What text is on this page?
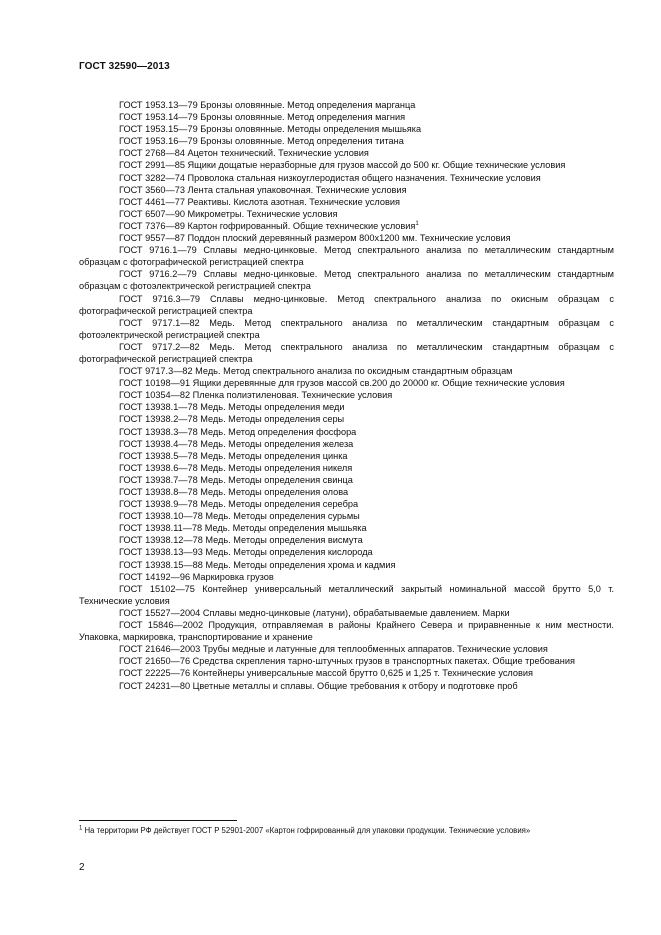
ГОСТ 32590—2013

ГОСТ 1953.13—79 Бронзы оловянные. Метод определения марганца

ГОСТ 1953.14—79 Бронзы оловянные. Метод определения магния

ГОСТ 1953.15—79 Бронзы оловянные. Методы определения мышьяка

ГОСТ 1953.16—79 Бронзы оловянные. Метод определения титана

ГОСТ 2768—84 Ацетон технический. Технические условия

ГОСТ 2991—85 Ящики дощатые неразборные для грузов массой до 500 кг. Общие технические условия

ГОСТ 3282—74 Проволока стальная низкоуглеродистая общего назначения. Технические условия

ГОСТ 3560—73 Лента стальная упаковочная. Технические условия

ГОСТ 4461—77 Реактивы. Кислота азотная. Технические условия

ГОСТ 6507—90 Микрометры. Технические условия

ГОСТ 7376—89 Картон гофрированный. Общие технические условия$^1$

ГОСТ 9557—87 Поддон плоский деревянный размером 800x1200 мм. Технические условия

ГОСТ 9716.1—79 Сплавы медно-цинковые. Метод спектрального анализа по металлическим стандартным образцам с фотографической регистрацией спектра

ГОСТ 9716.2—79 Сплавы медно-цинковые. Метод спектрального анализа по металлическим стандартным образцам с фотоэлектрической регистрацией спектра

ГОСТ 9716.3—79 Сплавы медно-цинковые. Метод спектрального анализа по окисным образцам с фотографической регистрацией спектра

ГОСТ 9717.1—82 Медь. Метод спектрального анализа по металлическим стандартным образцам с фотоэлектрической регистрацией спектра

ГОСТ 9717.2—82 Медь. Метод спектрального анализа по металлическим стандартным образцам с фотографической регистрацией спектра

ГОСТ 9717.3—82 Медь. Метод спектрального анализа по оксидным стандартным образцам

ГОСТ 10198—91 Ящики деревянные для грузов массой св.200 до 20000 кг. Общие технические условия

ГОСТ 10354—82 Пленка полиэтиленовая. Технические условия

ГОСТ 13938.1—78 Медь. Методы определения меди

ГОСТ 13938.2—78 Медь. Методы определения серы

ГОСТ 13938.3—78 Медь. Метод определения фосфора

ГОСТ 13938.4—78 Медь. Методы определения железа

ГОСТ 13938.5—78 Медь. Методы определения цинка

ГОСТ 13938.6—78 Медь. Методы определения никеля

ГОСТ 13938.7—78 Медь. Методы определения свинца

ГОСТ 13938.8—78 Медь. Методы определения олова

ГОСТ 13938.9—78 Медь. Методы определения серебра

ГОСТ 13938.10—78 Медь. Методы определения сурьмы

ГОСТ 13938.11—78 Медь. Методы определения мышьяка

ГОСТ 13938.12—78 Медь. Методы определения висмута

ГОСТ 13938.13—93 Медь. Методы определения кислорода

ГОСТ 13938.15—88 Медь. Методы определения хрома и кадмия

ГОСТ 14192—96 Маркировка грузов

ГОСТ 15102—75 Контейнер универсальный металлический закрытый номинальной массой брутто 5,0 т. Технические условия

ГОСТ 15527—2004 Сплавы медно-цинковые (латуни), обрабатываемые давлением. Марки

ГОСТ 15846—2002 Продукция, отправляемая в районы Крайнего Севера и приравненные к ним местности. Упаковка, маркировка, транспортирование и хранение

ГОСТ 21646—2003 Трубы медные и латунные для теплообменных аппаратов. Технические условия

ГОСТ 21650—76 Средства скрепления тарно-штучных грузов в транспортных пакетах. Общие требования

ГОСТ 22225—76 Контейнеры универсальные массой брутто 0,625 и 1,25 т. Технические условия

ГОСТ 24231—80 Цветные металлы и сплавы. Общие требования к отбору и подготовке проб

$^1$ На территории РФ действует ГОСТ Р 52901-2007 «Картон гофрированный для упаковки продукции. Технические условия»

2
